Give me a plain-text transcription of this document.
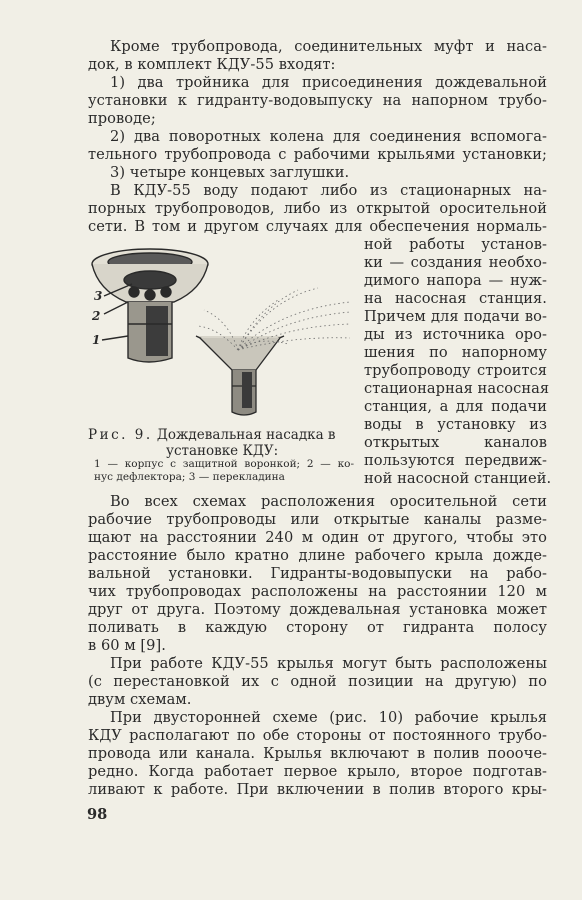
Кроме трубопровода, соединительных муфт и наса-
док, в комплект КДУ-55 входят:
1) два тройника для присоединения дождевальной
установки к гидранту-водовыпуску на напорном трубо-
проводе;
2) два поворотных колена для соединения вспомога-
тельного трубопровода с рабочими крыльями установки;
3) четыре концевых заглушки.
В КДУ-55 воду подают либо из стационарных на-
порных трубопроводов, либо из открытой оросительной
сети. В том и другом случаях для обеспечения нормаль-
ной работы установ-
ки — создания необхо-
димого напора — нуж-
на насосная станция.
Причем для подачи во-
ды из источника оро-
шения по напорному
трубопроводу строится
стационарная насосная
станция, а для подачи
воды в установку из
открытых каналов
пользуются передвиж-
ной насосной станцией.
3
2
1
Рис. 9. Дождевальная насадка в
установке КДУ:
1 — корпус с защитной воронкой; 2 — ко-
нус дефлектора; 3 — перекладина
Во всех схемах расположения оросительной сети
рабочие трубопроводы или открытые каналы разме-
щают на расстоянии 240 м один от другого, чтобы это
расстояние было кратно длине рабочего крыла дожде-
вальной установки. Гидранты-водовыпуски на рабо-
чих трубопроводах расположены на расстоянии 120 м
друг от друга. Поэтому дождевальная установка может
поливать в каждую сторону от гидранта полосу
в 60 м [9].
При работе КДУ-55 крылья могут быть расположены
(с перестановкой их с одной позиции на другую) по
двум схемам.
При двусторонней схеме (рис. 10) рабочие крылья
КДУ располагают по обе стороны от постоянного трубо-
провода или канала. Крылья включают в полив поооче-
редно. Когда работает первое крыло, второе подготав-
ливают к работе. При включении в полив второго кры-
98
